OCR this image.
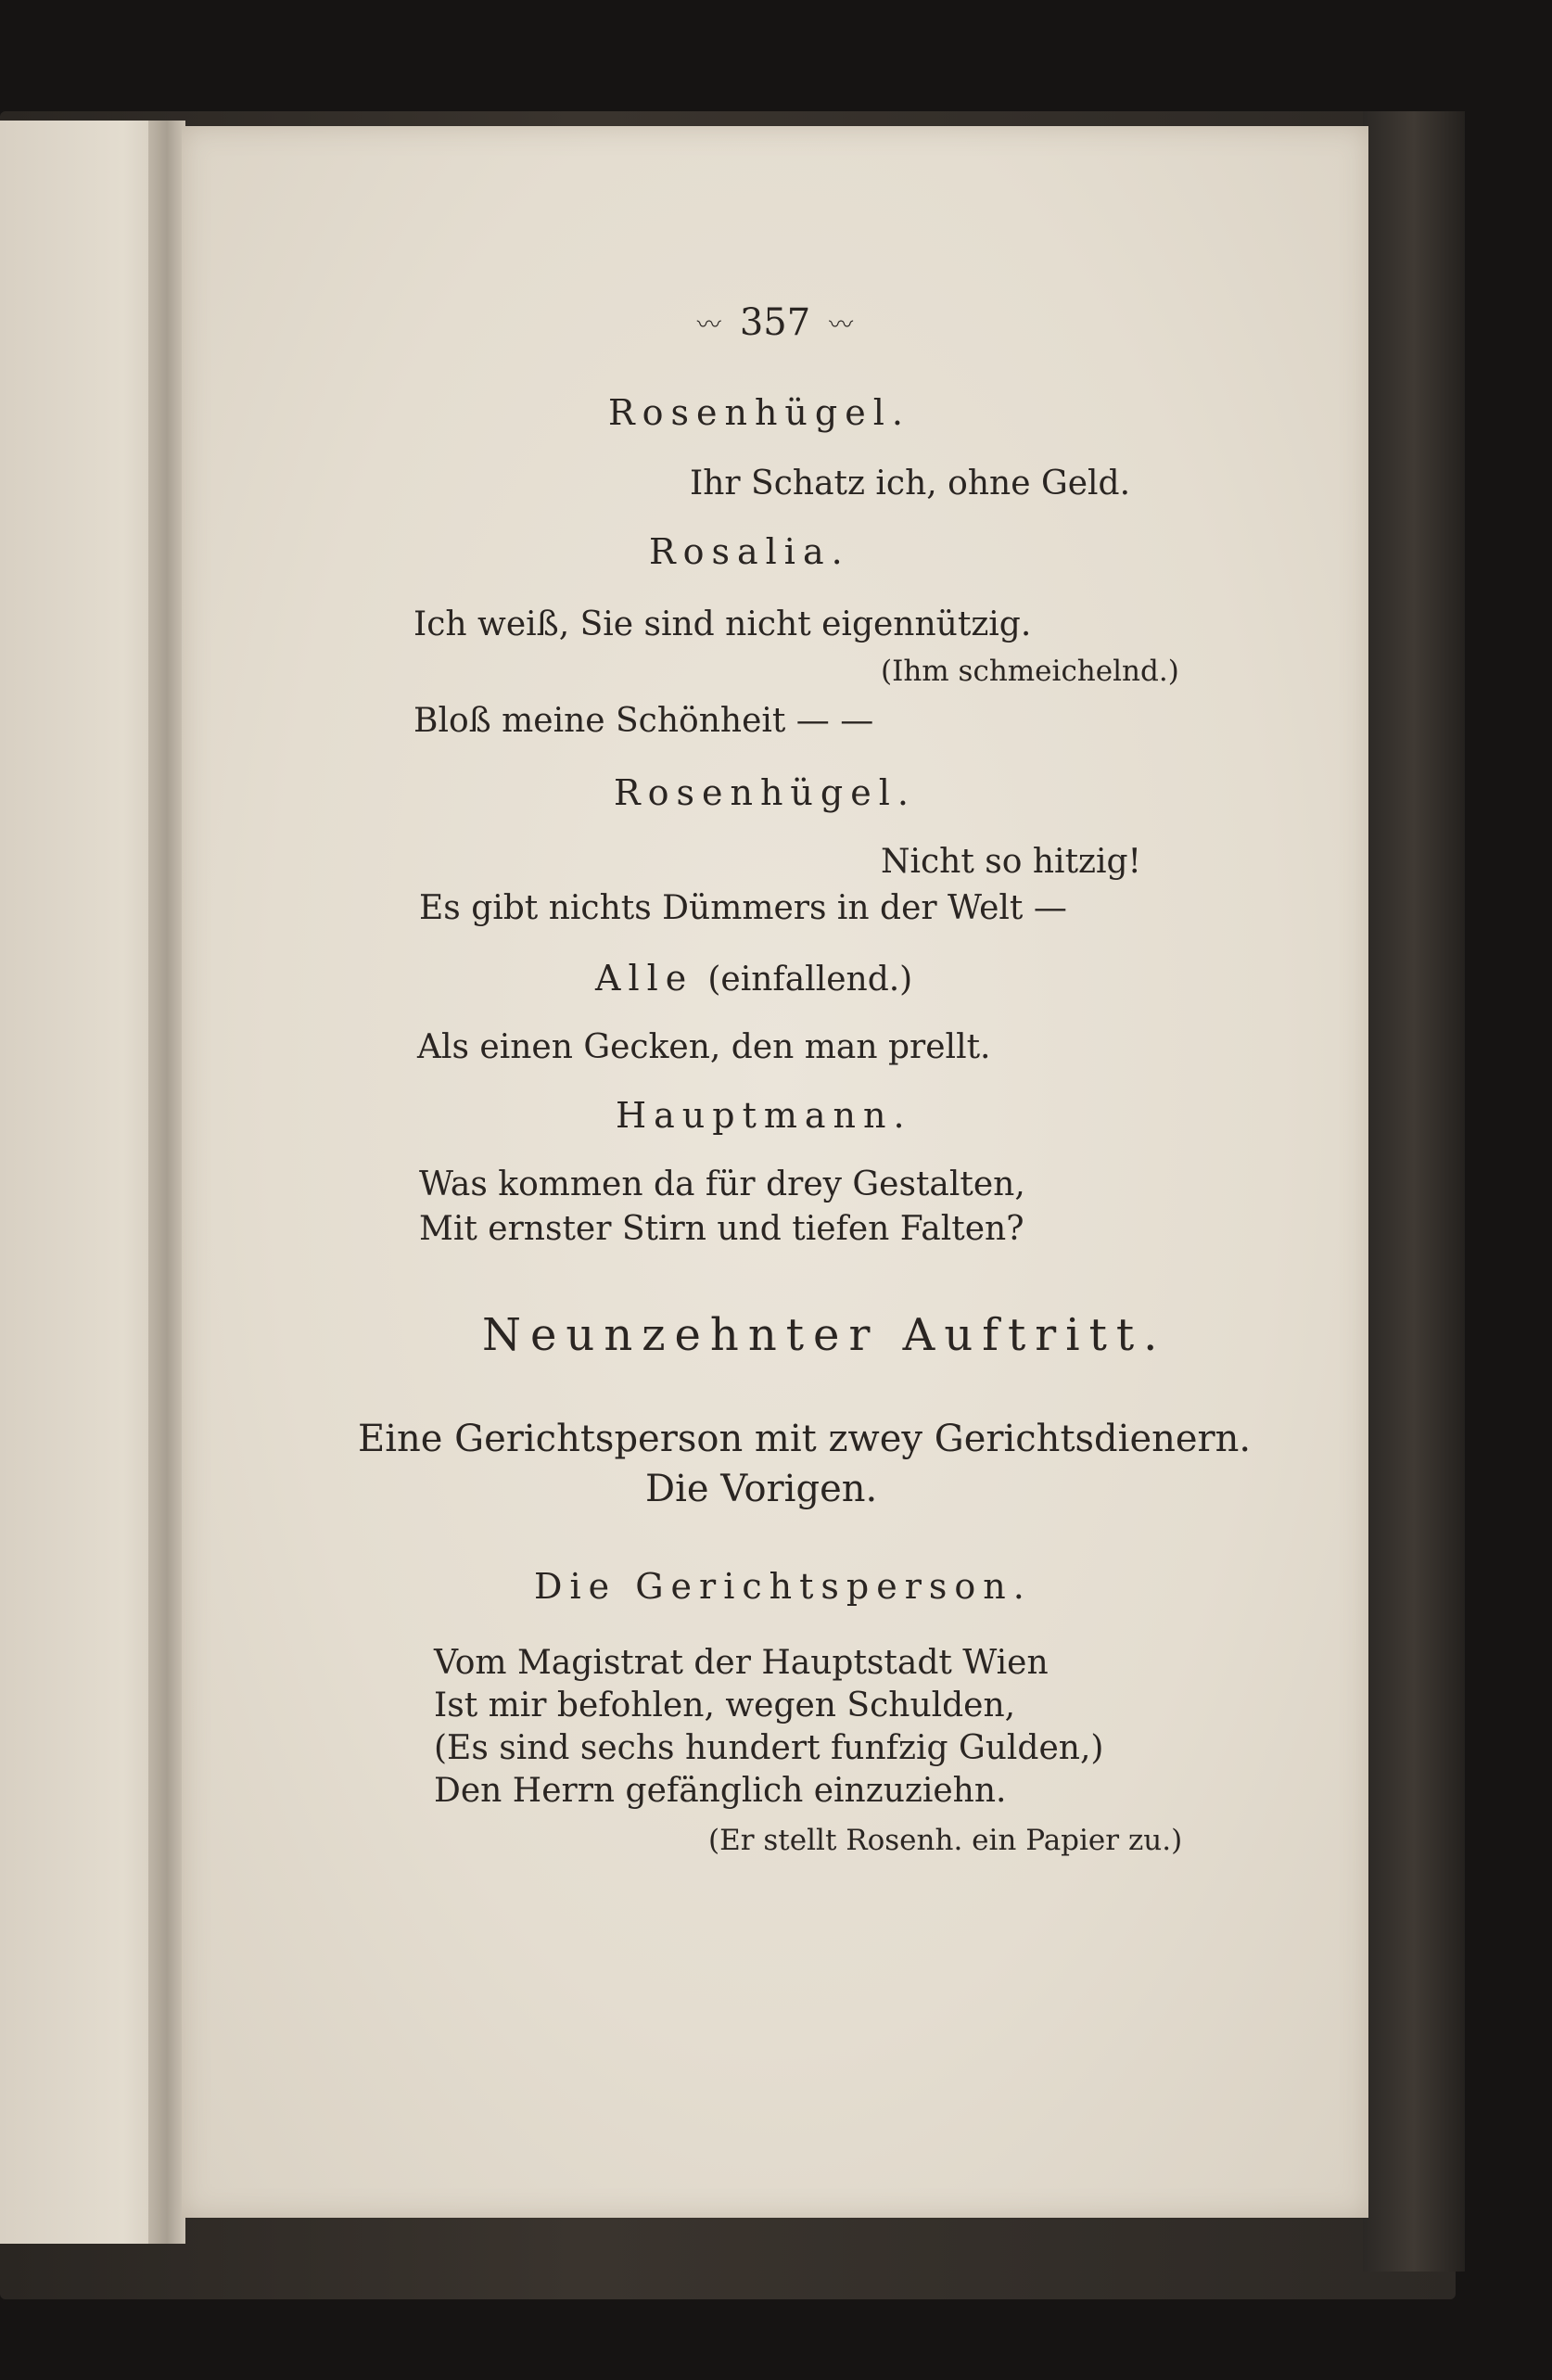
〰 357 〰
Rosenhügel.
Ihr Schatz ich, ohne Geld.
Rosalia.
Ich weiß, Sie sind nicht eigennützig.
(Ihm schmeichelnd.)
Bloß meine Schönheit — —
Rosenhügel.
Nicht so hitzig!
Es gibt nichts Dümmers in der Welt —
Alle (einfallend.)
Als einen Gecken, den man prellt.
Hauptmann.
Was kommen da für drey Gestalten,
Mit ernster Stirn und tiefen Falten?
Neunzehnter Auftritt.
Eine Gerichtsperson mit zwey Gerichtsdienern.
Die Vorigen.
Die Gerichtsperson.
Vom Magistrat der Hauptstadt Wien
Ist mir befohlen, wegen Schulden,
(Es sind sechs hundert funfzig Gulden,)
Den Herrn gefänglich einzuziehn.
(Er stellt Rosenh. ein Papier zu.)
